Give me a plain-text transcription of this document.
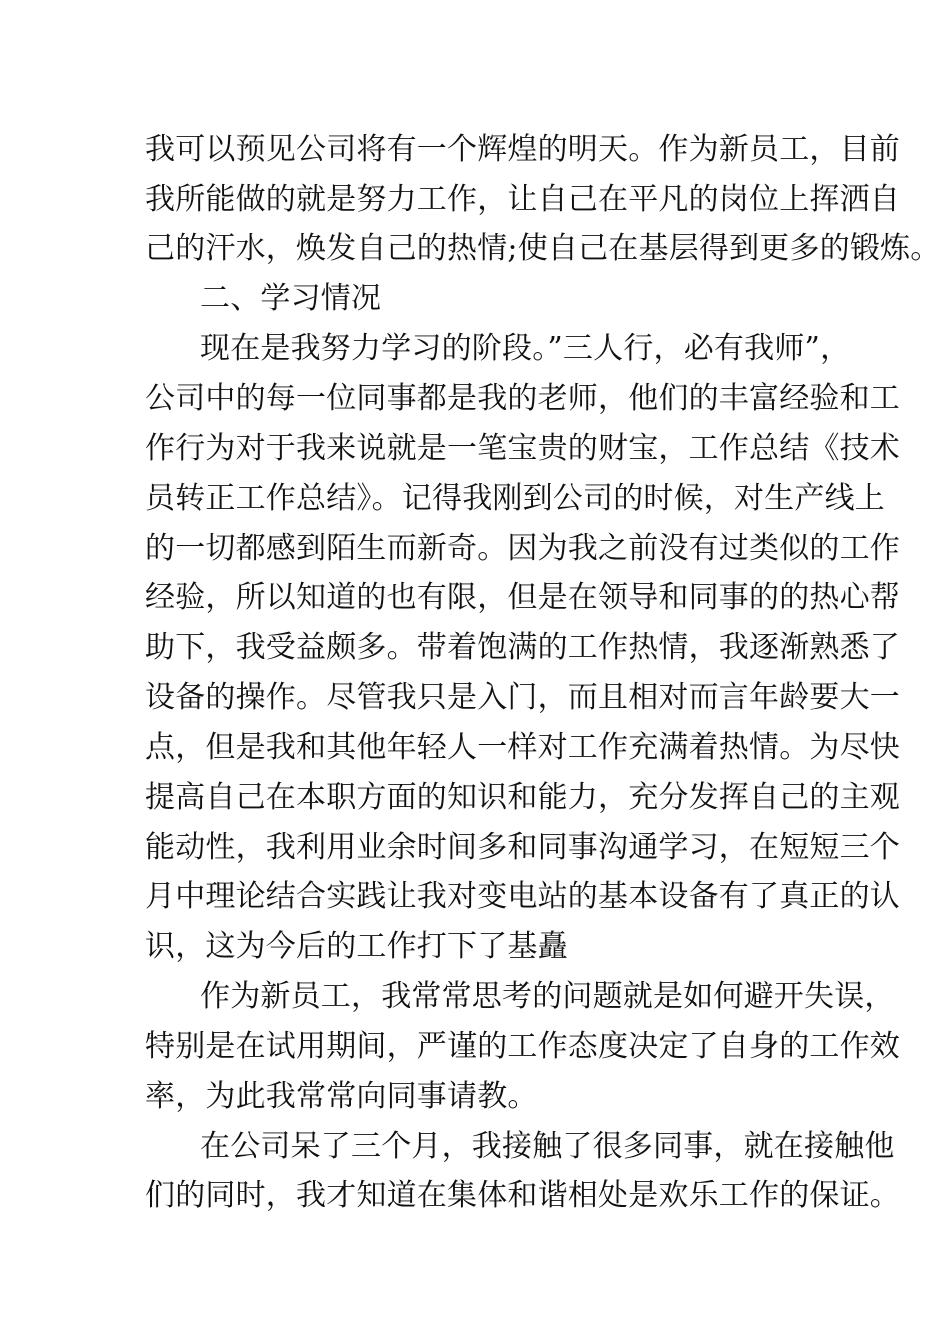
我可以预见公司将有一个辉煌的明天。作为新员工，目前
我所能做的就是努力工作，让自己在平凡的岗位上挥洒自
己的汗水，焕发自己的热情;使自己在基层得到更多的锻炼。
二、学习情况
现在是我努力学习的阶段。”三人行，必有我师”，
公司中的每一位同事都是我的老师，他们的丰富经验和工
作行为对于我来说就是一笔宝贵的财宝，工作总结《技术
员转正工作总结》。记得我刚到公司的时候，对生产线上
的一切都感到陌生而新奇。因为我之前没有过类似的工作
经验，所以知道的也有限，但是在领导和同事的的热心帮
助下，我受益颇多。带着饱满的工作热情，我逐渐熟悉了
设备的操作。尽管我只是入门，而且相对而言年龄要大一
点，但是我和其他年轻人一样对工作充满着热情。为尽快
提高自己在本职方面的知识和能力，充分发挥自己的主观
能动性，我利用业余时间多和同事沟通学习，在短短三个
月中理论结合实践让我对变电站的基本设备有了真正的认
识，这为今后的工作打下了基矗
作为新员工，我常常思考的问题就是如何避开失误，
特别是在试用期间，严谨的工作态度决定了自身的工作效
率，为此我常常向同事请教。
在公司呆了三个月，我接触了很多同事，就在接触他
们的同时，我才知道在集体和谐相处是欢乐工作的保证。
